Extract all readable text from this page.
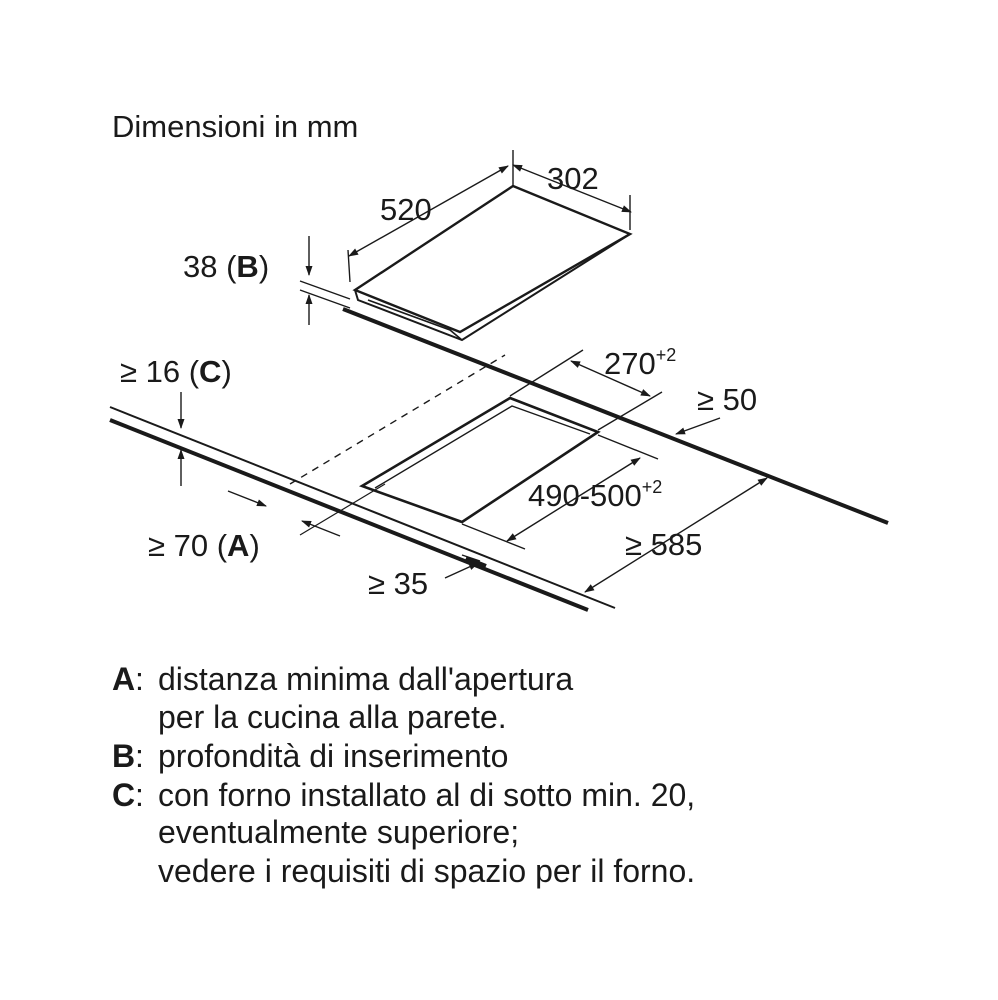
Dimensioni in mm
302
520
38 (B)
≥ 16 (C)	$270^{+2}$
≥ 50
$490-500^{+2}$
≥ 70 (A)	≥ 585
≥ 35
A : distanza minima dall'apertura
per la cucina alla parete.
B : profondità di inserimento
C : con forno installato al di sotto min. 20,
eventualmente superiore;
vedere i requisiti di spazio per il forno.
